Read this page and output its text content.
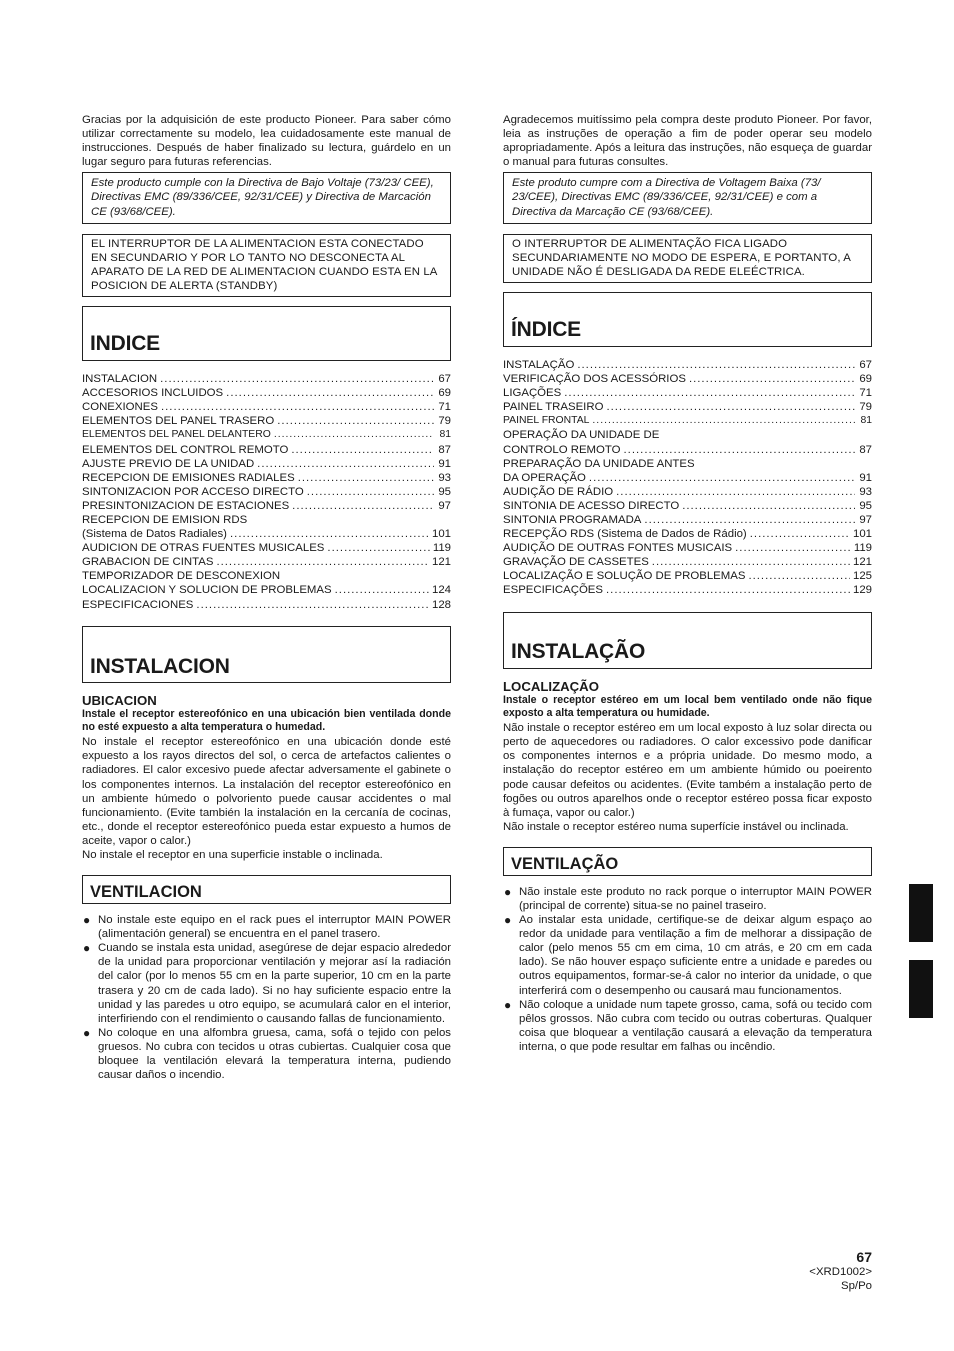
Gracias por la adquisición de este producto Pioneer. Para saber cómo utilizar correctamente su modelo, lea cuidadosamente este manual de instrucciones. Después de haber finalizado su lectura, guárdelo en un lugar seguro para futuras referencias.

Este producto cumple con la Directiva de Bajo Voltaje (73/23/ CEE), Directivas EMC (89/336/CEE, 92/31/CEE) y Directiva de Marcación CE (93/68/CEE).

EL INTERRUPTOR DE LA ALIMENTACION ESTA CONECTADO EN SECUNDARIO Y POR LO TANTO NO DESCONECTA AL APARATO DE LA RED DE ALIMENTACION CUANDO ESTA EN LA POSICION DE ALERTA (STANDBY)

INDICE
INSTALACION .....	67
ACCESORIOS INCLUIDOS .....	69
CONEXIONES .....	71
ELEMENTOS DEL PANEL TRASERO .....	79
ELEMENTOS DEL PANEL DELANTERO .....	81
ELEMENTOS DEL CONTROL REMOTO .....	87
AJUSTE PREVIO DE LA UNIDAD .....	91
RECEPCION DE EMISIONES RADIALES .....	93
SINTONIZACION POR ACCESO DIRECTO .....	95
PRESINTONIZACION DE ESTACIONES .....	97
RECEPCION DE EMISION RDS
(Sistema de Datos Radiales) .....	101
AUDICION DE OTRAS FUENTES MUSICALES .....	119
GRABACION DE CINTAS .....	121
TEMPORIZADOR DE DESCONEXION
LOCALIZACION Y SOLUCION DE PROBLEMAS .....	124
ESPECIFICACIONES .....	128
INSTALACION
UBICACION

Instale el receptor estereofónico en una ubicación bien ventilada donde no esté expuesto a alta temperatura o humedad.

No instale el receptor estereofónico en una ubicación donde esté expuesto a los rayos directos del sol, o cerca de artefactos calientes o radiadores. El calor excesivo puede afectar adversamente el gabinete o los componentes internos. La instalación del receptor estereofónico en un ambiente húmedo o polvoriento puede causar accidentes o mal funcionamiento. (Evite también la instalación en la cercanía de cocinas, etc., donde el receptor estereofónico pueda estar expuesto a humos de aceite, vapor o calor.)

No instale el receptor en una superficie instable o inclinada.

VENTILACION
● No instale este equipo en el rack pues el interruptor MAIN POWER (alimentación general) se encuentra en el panel trasero.
● Cuando se instala esta unidad, asegúrese de dejar espacio alrededor de la unidad para proporcionar ventilación y mejorar así la radiación del calor (por lo menos 55 cm en la parte superior, 10 cm en la parte trasera y 20 cm de cada lado). Si no hay suficiente espacio entre la unidad y las paredes u otro equipo, se acumulará calor en el interior, interfiriendo con el rendimiento o causando fallas de funcionamiento.
● No coloque en una alfombra gruesa, cama, sofá o tejido con pelos gruesos. No cubra con tecidos u otras cubiertas. Cualquier cosa que bloquee la ventilación elevará la temperatura interna, pudiendo causar daños o incendio.

Agradecemos muitíssimo pela compra deste produto Pioneer. Por favor, leia as instruções de operação a fim de poder operar seu modelo apropriadamente. Após a leitura das instruções, não esqueça de guardar o manual para futuras consultes.

Este produto cumpre com a Directiva de Voltagem Baixa (73/ 23/CEE), Directivas EMC (89/336/CEE, 92/31/CEE) e com a Directiva da Marcação CE (93/68/CEE).

O INTERRUPTOR DE ALIMENTAÇÃO FICA LIGADO SECUNDARIAMENTE NO MODO DE ESPERA, E PORTANTO, A UNIDADE NÃO É DESLIGADA DA REDE ELEÉCTRICA.

ÍNDICE
INSTALAÇÃO .....	67
VERIFICAÇÃO DOS ACESSÓRIOS .....	69
LIGAÇÕES .....	71
PAINEL TRASEIRO .....	79
PAINEL FRONTAL .....	81
OPERAÇÃO DA UNIDADE DE
CONTROLO REMOTO .....	87
PREPARAÇÃO DA UNIDADE ANTES
DA OPERAÇÃO .....	91
AUDIÇÃO DE RÁDIO .....	93
SINTONIA DE ACESSO DIRECTO .....	95
SINTONIA PROGRAMADA .....	97
RECEPÇÃO RDS (Sistema de Dados de Rádio) .....	101
AUDIÇÃO DE OUTRAS FONTES MUSICAIS .....	119
GRAVAÇÃO DE CASSETES .....	121
LOCALIZAÇÃO E SOLUÇÃO DE PROBLEMAS .....	125
ESPECIFICAÇÕES .....	129
INSTALAÇÃO
LOCALIZAÇÃO

Instale o receptor estéreo em um local bem ventilado onde não fique exposto a alta temperatura ou humidade.

Não instale o receptor estéreo em um local exposto à luz solar directa ou perto de aquecedores ou radiadores. O calor excessivo pode danificar os componentes internos e a própria unidade. Do mesmo modo, a instalação do receptor estéreo em um ambiente húmido ou poeirento pode causar defeitos ou acidentes. (Evite também a instalação perto de fogões ou outros aparelhos onde o receptor estéreo possa ficar exposto à fumaça, vapor ou calor.)

Não instale o receptor estéreo numa superfície instável ou inclinada.

VENTILAÇÃO
● Não instale este produto no rack porque o interruptor MAIN POWER (principal de corrente) situa-se no painel traseiro.
● Ao instalar esta unidade, certifique-se de deixar algum espaço ao redor da unidade para ventilação a fim de melhorar a dissipação de calor (pelo menos 55 cm em cima, 10 cm atrás, e 20 cm em cada lado). Se não houver espaço suficiente entre a unidade e paredes ou outros equipamentos, formar-se-á calor no interior da unidade, o que interferirá com o desempenho ou causará mau funcionamentos.
● Não coloque a unidade num tapete grosso, cama, sofá ou tecido com pêlos grossos. Não cubra com tecido ou outras coberturas. Qualquer coisa que bloquear a ventilação causará a elevação da temperatura interna, o que pode resultar em falhas ou incêndio.
67
<XRD1002>
Sp/Po
